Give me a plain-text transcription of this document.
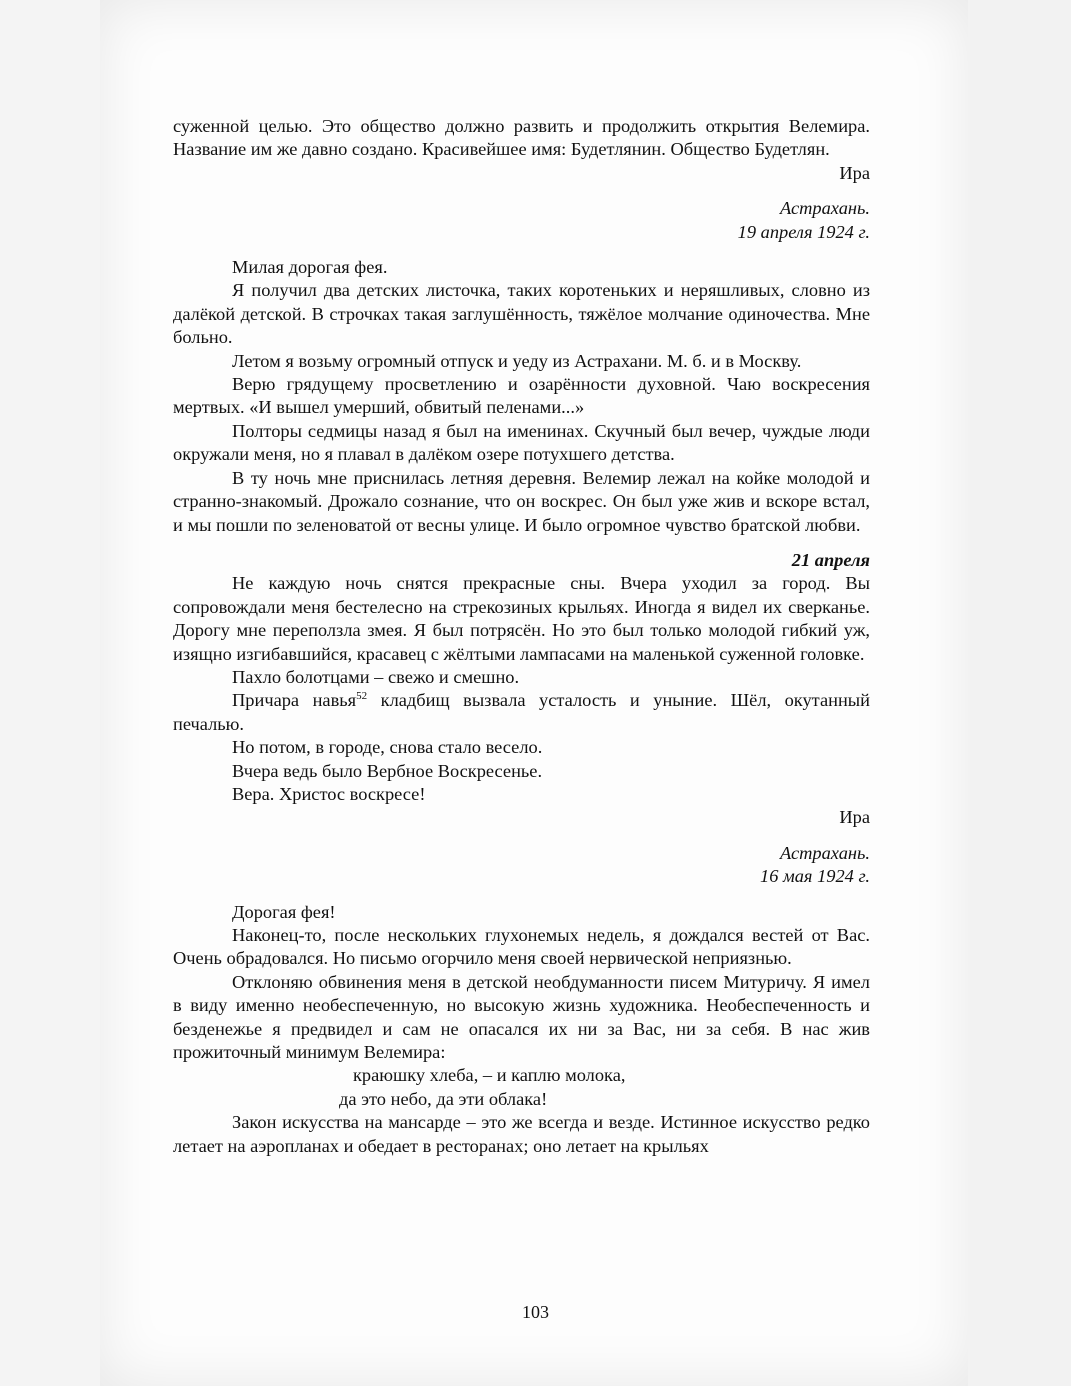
суженной целью. Это общество должно развить и продолжить открытия Велемира. Название им же давно создано. Красивейшее имя: Будетлянин. Общество Будетлян.

Ира

Астрахань.

19 апреля 1924 г.

Милая дорогая фея.

Я получил два детских листочка, таких коротеньких и неряшливых, словно из далёкой детской. В строчках такая заглушённость, тяжёлое молчание одиночества. Мне больно.

Летом я возьму огромный отпуск и уеду из Астрахани. М. б. и в Москву.

Верю грядущему просветлению и озарённости духовной. Чаю воскресения мертвых. «И вышел умерший, обвитый пеленами...»

Полторы седмицы назад я был на именинах. Скучный был вечер, чуждые люди окружали меня, но я плавал в далёком озере потухшего детства.

В ту ночь мне приснилась летняя деревня. Велемир лежал на койке молодой и странно-знакомый. Дрожало сознание, что он воскрес. Он был уже жив и вскоре встал, и мы пошли по зеленоватой от весны улице. И было огромное чувство братской любви.

21 апреля

Не каждую ночь снятся прекрасные сны. Вчера уходил за город. Вы сопровождали меня бестелесно на стрекозиных крыльях. Иногда я видел их сверканье. Дорогу мне переползла змея. Я был потрясён. Но это был только молодой гибкий уж, изящно изгибавшийся, красавец с жёлтыми лампасами на маленькой суженной головке.

Пахло болотцами – свежо и смешно.

Причара навья$^{52}$ кладбищ вызвала усталость и уныние. Шёл, окутанный печалью.

Но потом, в городе, снова стало весело.

Вчера ведь было Вербное Воскресенье.

Вера. Христос воскресе!

Ира

Астрахань.

16 мая 1924 г.

Дорогая фея!

Наконец-то, после нескольких глухонемых недель, я дождался вестей от Вас. Очень обрадовался. Но письмо огорчило меня своей нервической неприязнью.

Отклоняю обвинения меня в детской необдуманности писем Митуричу. Я имел в виду именно необеспеченную, но высокую жизнь художника. Необеспеченность и безденежье я предвидел и сам не опасался их ни за Вас, ни за себя. В нас жив прожиточный минимум Велемира:

краюшку хлеба, – и каплю молока,

да это небо, да эти облака!

Закон искусства на мансарде – это же всегда и везде. Истинное искусство редко летает на аэропланах и обедает в ресторанах; оно летает на крыльях

103
